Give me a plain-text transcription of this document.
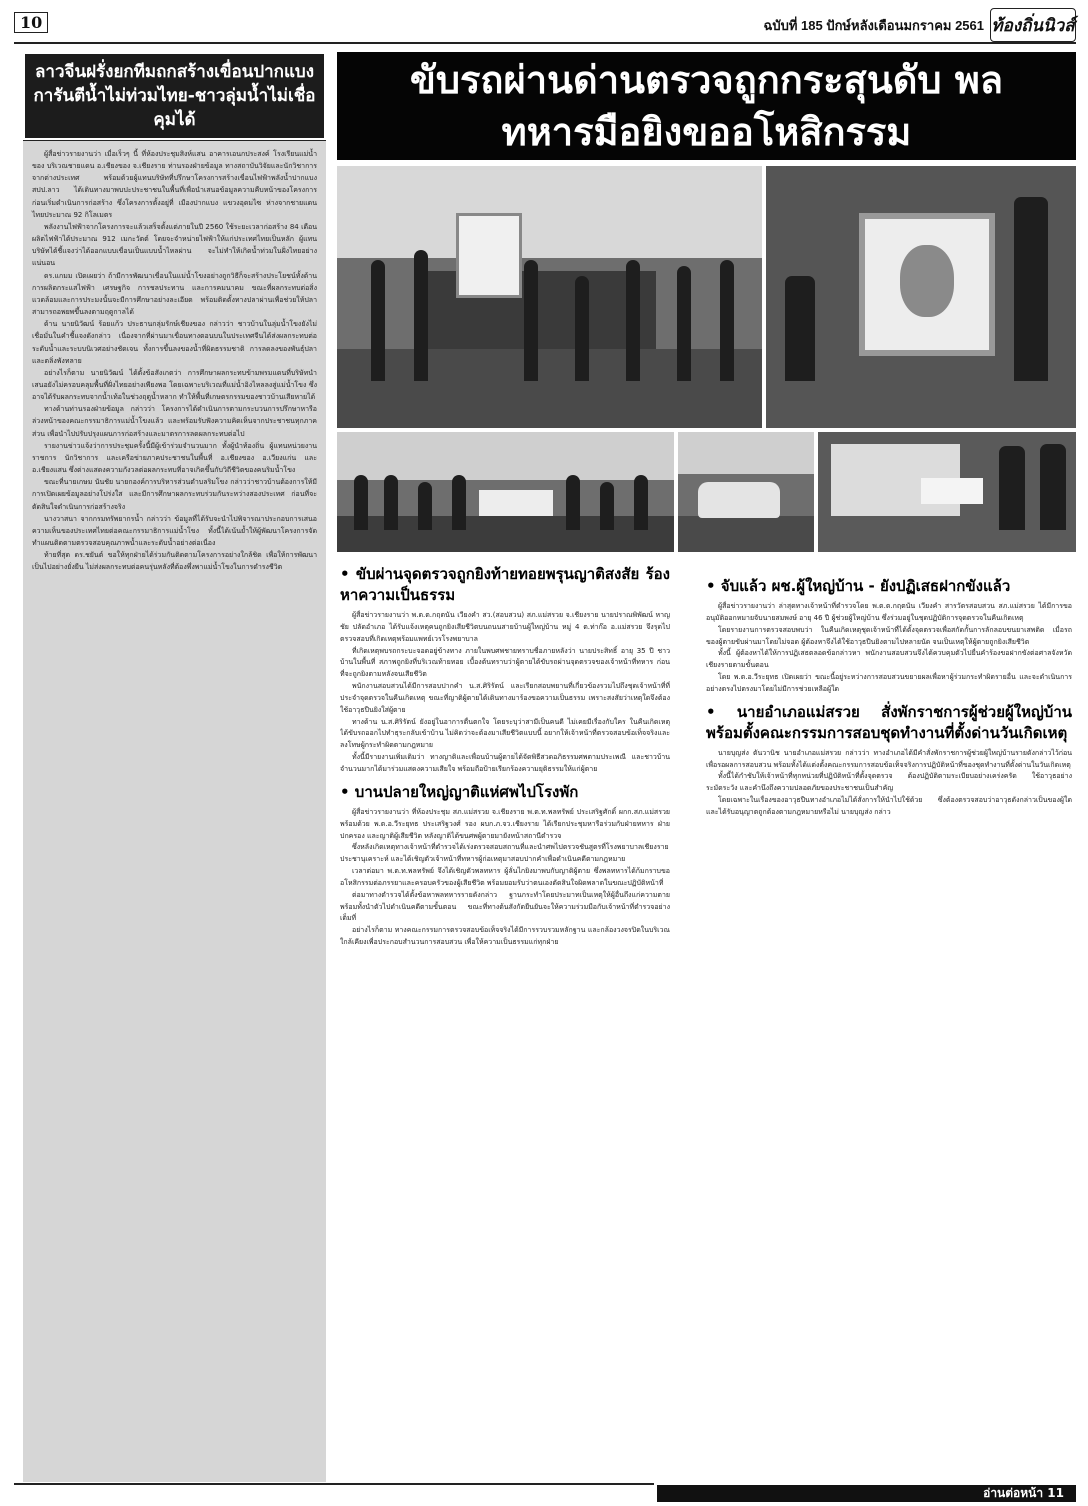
10	ฉบับที่ 185 ปักษ์หลังเดือนมกราคม 2561 ท้องถิ่นนิวส์
ลาวจีนฝรั่งยกทีมถกสร้างเขื่อนปากแบง การันตีน้ำไม่ท่วมไทย-ชาวลุ่มน้ำไม่เชื่อคุมได้

ผู้สื่อข่าวรายงานว่า เมื่อเร็วๆ นี้ ที่ห้องประชุมสิงห์แสน อาคารเอนกประสงค์ โรงเรียนแม่น้ำของ บริเวณชายแดน อ.เชียงของ จ.เชียงราย ท่านรองฝ่ายข้อมูล ทางสถาบันวิจัยและนักวิชาการจากต่างประเทศ พร้อมด้วยผู้แทนบริษัทที่ปรึกษาโครงการสร้างเขื่อนไฟฟ้าพลังน้ำปากแบง สปป.ลาว ได้เดินทางมาพบปะประชาชนในพื้นที่เพื่อนำเสนอข้อมูลความคืบหน้าของโครงการก่อนเริ่มดำเนินการก่อสร้าง ซึ่งโครงการตั้งอยู่ที่ เมืองปากแบง แขวงอุดมไซ ห่างจากชายแดนไทยประมาณ 92 กิโลเมตร

พลังงานไฟฟ้าจากโครงการจะแล้วเสร็จตั้งแต่ภายในปี 2560 ใช้ระยะเวลาก่อสร้าง 84 เดือน ผลิตไฟฟ้าได้ประมาณ 912 เมกะวัตต์ โดยจะจำหน่ายไฟฟ้าให้แก่ประเทศไทยเป็นหลัก ผู้แทนบริษัทได้ชี้แจงว่าได้ออกแบบเขื่อนเป็นแบบน้ำไหลผ่าน จะไม่ทำให้เกิดน้ำท่วมในฝั่งไทยอย่างแน่นอน

ดร.แกมม เปิดเผยว่า ถ้ามีการพัฒนาเขื่อนในแม่น้ำโขงอย่างถูกวิธีก็จะสร้างประโยชน์ทั้งด้านการผลิตกระแสไฟฟ้า เศรษฐกิจ การชลประทาน และการคมนาคม ขณะที่ผลกระทบต่อสิ่งแวดล้อมและการประมงนั้นจะมีการศึกษาอย่างละเอียด พร้อมติดตั้งทางปลาผ่านเพื่อช่วยให้ปลาสามารถอพยพขึ้นลงตามฤดูกาลได้

ด้าน นายนิวัฒน์ ร้อยแก้ว ประธานกลุ่มรักษ์เชียงของ กล่าวว่า ชาวบ้านในลุ่มน้ำโขงยังไม่เชื่อมั่นในคำชี้แจงดังกล่าว เนื่องจากที่ผ่านมาเขื่อนทางตอนบนในประเทศจีนได้ส่งผลกระทบต่อระดับน้ำและระบบนิเวศอย่างชัดเจน ทั้งการขึ้นลงของน้ำที่ผิดธรรมชาติ การลดลงของพันธุ์ปลา และตลิ่งพังทลาย

อย่างไรก็ตาม นายนิวัฒน์ ได้ตั้งข้อสังเกตว่า การศึกษาผลกระทบข้ามพรมแดนที่บริษัทนำเสนอยังไม่ครอบคลุมพื้นที่ฝั่งไทยอย่างเพียงพอ โดยเฉพาะบริเวณที่แม่น้ำอิงไหลลงสู่แม่น้ำโขง ซึ่งอาจได้รับผลกระทบจากน้ำเท้อในช่วงฤดูน้ำหลาก ทำให้พื้นที่เกษตรกรรมของชาวบ้านเสียหายได้

ทางด้านท่านรองฝ่ายข้อมูล กล่าวว่า โครงการได้ดำเนินการตามกระบวนการปรึกษาหารือล่วงหน้าของคณะกรรมาธิการแม่น้ำโขงแล้ว และพร้อมรับฟังความคิดเห็นจากประชาชนทุกภาคส่วน เพื่อนำไปปรับปรุงแผนการก่อสร้างและมาตรการลดผลกระทบต่อไป

รายงานข่าวแจ้งว่าการประชุมครั้งนี้มีผู้เข้าร่วมจำนวนมาก ทั้งผู้นำท้องถิ่น ผู้แทนหน่วยงานราชการ นักวิชาการ และเครือข่ายภาคประชาชนในพื้นที่ อ.เชียงของ อ.เวียงแก่น และ อ.เชียงแสน ซึ่งต่างแสดงความกังวลต่อผลกระทบที่อาจเกิดขึ้นกับวิถีชีวิตของคนริมน้ำโขง

ขณะที่นายเกษม นันชัย นายกองค์การบริหารส่วนตำบลริมโขง กล่าวว่าชาวบ้านต้องการให้มีการเปิดเผยข้อมูลอย่างโปร่งใส และมีการศึกษาผลกระทบร่วมกันระหว่างสองประเทศ ก่อนที่จะตัดสินใจดำเนินการก่อสร้างจริง

นางวาสนา จากกรมทรัพยากรน้ำ กล่าวว่า ข้อมูลที่ได้รับจะนำไปพิจารณาประกอบการเสนอความเห็นของประเทศไทยต่อคณะกรรมาธิการแม่น้ำโขง ทั้งนี้ได้เน้นย้ำให้ผู้พัฒนาโครงการจัดทำแผนติดตามตรวจสอบคุณภาพน้ำและระดับน้ำอย่างต่อเนื่อง

ท้ายที่สุด ดร.ชยันต์ ขอให้ทุกฝ่ายได้ร่วมกันติดตามโครงการอย่างใกล้ชิด เพื่อให้การพัฒนาเป็นไปอย่างยั่งยืน ไม่ส่งผลกระทบต่อคนรุ่นหลังที่ต้องพึ่งพาแม่น้ำโขงในการดำรงชีวิต

ขับรถผ่านด่านตรวจถูกกระสุนดับ พลทหารมือยิงขออโหสิกรรม
• ขับผ่านจุดตรวจถูกยิงท้ายทอยพรุนญาติสงสัย ร้องหาความเป็นธรรม

ผู้สื่อข่าวรายงานว่า พ.ต.ต.กฤตนัน เวียงคำ สว.(สอบสวน) สภ.แม่สรวย จ.เชียงราย นายปราณพิพัฒน์ หาญชัย ปลัดอำเภอ ได้รับแจ้งเหตุคนถูกยิงเสียชีวิตบนถนนสายบ้านผู้ใหญ่บ้าน หมู่ 4 ต.ท่าก๊อ อ.แม่สรวย จึงรุดไปตรวจสอบที่เกิดเหตุพร้อมแพทย์เวรโรงพยาบาล

ที่เกิดเหตุพบรถกระบะจอดอยู่ข้างทาง ภายในพบศพชายทราบชื่อภายหลังว่า นายประสิทธิ์ อายุ 35 ปี ชาวบ้านในพื้นที่ สภาพถูกยิงที่บริเวณท้ายทอย เบื้องต้นทราบว่าผู้ตายได้ขับรถผ่านจุดตรวจของเจ้าหน้าที่ทหาร ก่อนที่จะถูกยิงตามหลังจนเสียชีวิต

พนักงานสอบสวนได้มีการสอบปากคำ น.ส.ศิริรัตน์ และเรียกสอบพยานที่เกี่ยวข้องรวมไปถึงชุดเจ้าหน้าที่ที่ประจำจุดตรวจในคืนเกิดเหตุ ขณะที่ญาติผู้ตายได้เดินทางมาร้องขอความเป็นธรรม เพราะสงสัยว่าเหตุใดจึงต้องใช้อาวุธปืนยิงใส่ผู้ตาย

ทางด้าน น.ส.ศิริรัตน์ ยังอยู่ในอาการตื่นตกใจ โดยระบุว่าสามีเป็นคนดี ไม่เคยมีเรื่องกับใคร ในคืนเกิดเหตุได้ขับรถออกไปทำธุระกลับเข้าบ้าน ไม่คิดว่าจะต้องมาเสียชีวิตแบบนี้ อยากให้เจ้าหน้าที่ตรวจสอบข้อเท็จจริงและลงโทษผู้กระทำผิดตามกฎหมาย

ทั้งนี้มีรายงานเพิ่มเติมว่า ทางญาติและเพื่อนบ้านผู้ตายได้จัดพิธีสวดอภิธรรมศพตามประเพณี และชาวบ้านจำนวนมากได้มาร่วมแสดงความเสียใจ พร้อมถือป้ายเรียกร้องความยุติธรรมให้แก่ผู้ตาย

• บานปลายใหญ่ญาติแห่ศพไปโรงพัก

ผู้สื่อข่าวรายงานว่า ที่ห้องประชุม สภ.แม่สรวย จ.เชียงราย พ.ต.ท.พลทรัพย์ ประเสริฐศักดิ์ ผกก.สภ.แม่สรวย พร้อมด้วย พ.ต.อ.วีระยุทธ ประเสริฐวงศ์ รอง ผบก.ภ.จว.เชียงราย ได้เรียกประชุมหารือร่วมกับฝ่ายทหาร ฝ่ายปกครอง และญาติผู้เสียชีวิต หลังญาติได้ขนศพผู้ตายมายังหน้าสถานีตำรวจ

ซึ่งหลังเกิดเหตุทางเจ้าหน้าที่ตำรวจได้เร่งตรวจสอบสถานที่และนำศพไปตรวจชันสูตรที่โรงพยาบาลเชียงรายประชานุเคราะห์ และได้เชิญตัวเจ้าหน้าที่ทหารผู้ก่อเหตุมาสอบปากคำเพื่อดำเนินคดีตามกฎหมาย

เวลาต่อมา พ.ต.ท.พลทรัพย์ จึงได้เชิญตัวพลทหาร ผู้ลั่นไกยิงมาพบกับญาติผู้ตาย ซึ่งพลทหารได้ก้มกราบขออโหสิกรรมต่อภรรยาและครอบครัวของผู้เสียชีวิต พร้อมยอมรับว่าตนเองตัดสินใจผิดพลาดในขณะปฏิบัติหน้าที่

ต่อมาทางตำรวจได้ตั้งข้อหาพลทหารรายดังกล่าว ฐานกระทำโดยประมาทเป็นเหตุให้ผู้อื่นถึงแก่ความตาย พร้อมทั้งนำตัวไปดำเนินคดีตามขั้นตอน ขณะที่ทางต้นสังกัดยืนยันจะให้ความร่วมมือกับเจ้าหน้าที่ตำรวจอย่างเต็มที่

อย่างไรก็ตาม ทางคณะกรรมการตรวจสอบข้อเท็จจริงได้มีการรวบรวมหลักฐาน และกล้องวงจรปิดในบริเวณใกล้เคียงเพื่อประกอบสำนวนการสอบสวน เพื่อให้ความเป็นธรรมแก่ทุกฝ่าย

• จับแล้ว ผช.ผู้ใหญ่บ้าน - ยังปฏิเสธฝากขังแล้ว

ผู้สื่อข่าวรายงานว่า ล่าสุดทางเจ้าหน้าที่ตำรวจโดย พ.ต.ต.กฤตนัน เวียงคำ สารวัตรสอบสวน สภ.แม่สรวย ได้มีการขออนุมัติออกหมายจับนายสมพงษ์ อายุ 46 ปี ผู้ช่วยผู้ใหญ่บ้าน ซึ่งร่วมอยู่ในชุดปฏิบัติการจุดตรวจในคืนเกิดเหตุ

โดยรายงานการตรวจสอบพบว่า ในคืนเกิดเหตุชุดเจ้าหน้าที่ได้ตั้งจุดตรวจเพื่อสกัดกั้นการลักลอบขนยาเสพติด เมื่อรถของผู้ตายขับผ่านมาโดยไม่จอด ผู้ต้องหาจึงได้ใช้อาวุธปืนยิงตามไปหลายนัด จนเป็นเหตุให้ผู้ตายถูกยิงเสียชีวิต

ทั้งนี้ ผู้ต้องหาได้ให้การปฏิเสธตลอดข้อกล่าวหา พนักงานสอบสวนจึงได้ควบคุมตัวไปยื่นคำร้องขอฝากขังต่อศาลจังหวัดเชียงรายตามขั้นตอน

โดย พ.ต.อ.วีระยุทธ เปิดเผยว่า ขณะนี้อยู่ระหว่างการสอบสวนขยายผลเพื่อหาผู้ร่วมกระทำผิดรายอื่น และจะดำเนินการอย่างตรงไปตรงมาโดยไม่มีการช่วยเหลือผู้ใด

• นายอำเภอแม่สรวย สั่งพักราชการผู้ช่วยผู้ใหญ่บ้าน พร้อมตั้งคณะกรรมการสอบชุดทำงานที่ตั้งด่านวันเกิดเหตุ

นายบุญส่ง ตันวานิช นายอำเภอแม่สรวย กล่าวว่า ทางอำเภอได้มีคำสั่งพักราชการผู้ช่วยผู้ใหญ่บ้านรายดังกล่าวไว้ก่อน เพื่อรอผลการสอบสวน พร้อมทั้งได้แต่งตั้งคณะกรรมการสอบข้อเท็จจริงการปฏิบัติหน้าที่ของชุดทำงานที่ตั้งด่านในวันเกิดเหตุ

ทั้งนี้ได้กำชับให้เจ้าหน้าที่ทุกหน่วยที่ปฏิบัติหน้าที่ตั้งจุดตรวจ ต้องปฏิบัติตามระเบียบอย่างเคร่งครัด ใช้อาวุธอย่างระมัดระวัง และคำนึงถึงความปลอดภัยของประชาชนเป็นสำคัญ

โดยเฉพาะในเรื่องของอาวุธปืนทางอำเภอไม่ได้สั่งการให้นำไปใช้ด้วย ซึ่งต้องตรวจสอบว่าอาวุธดังกล่าวเป็นของผู้ใด และได้รับอนุญาตถูกต้องตามกฎหมายหรือไม่ นายบุญส่ง กล่าว

อ่านต่อหน้า 11
